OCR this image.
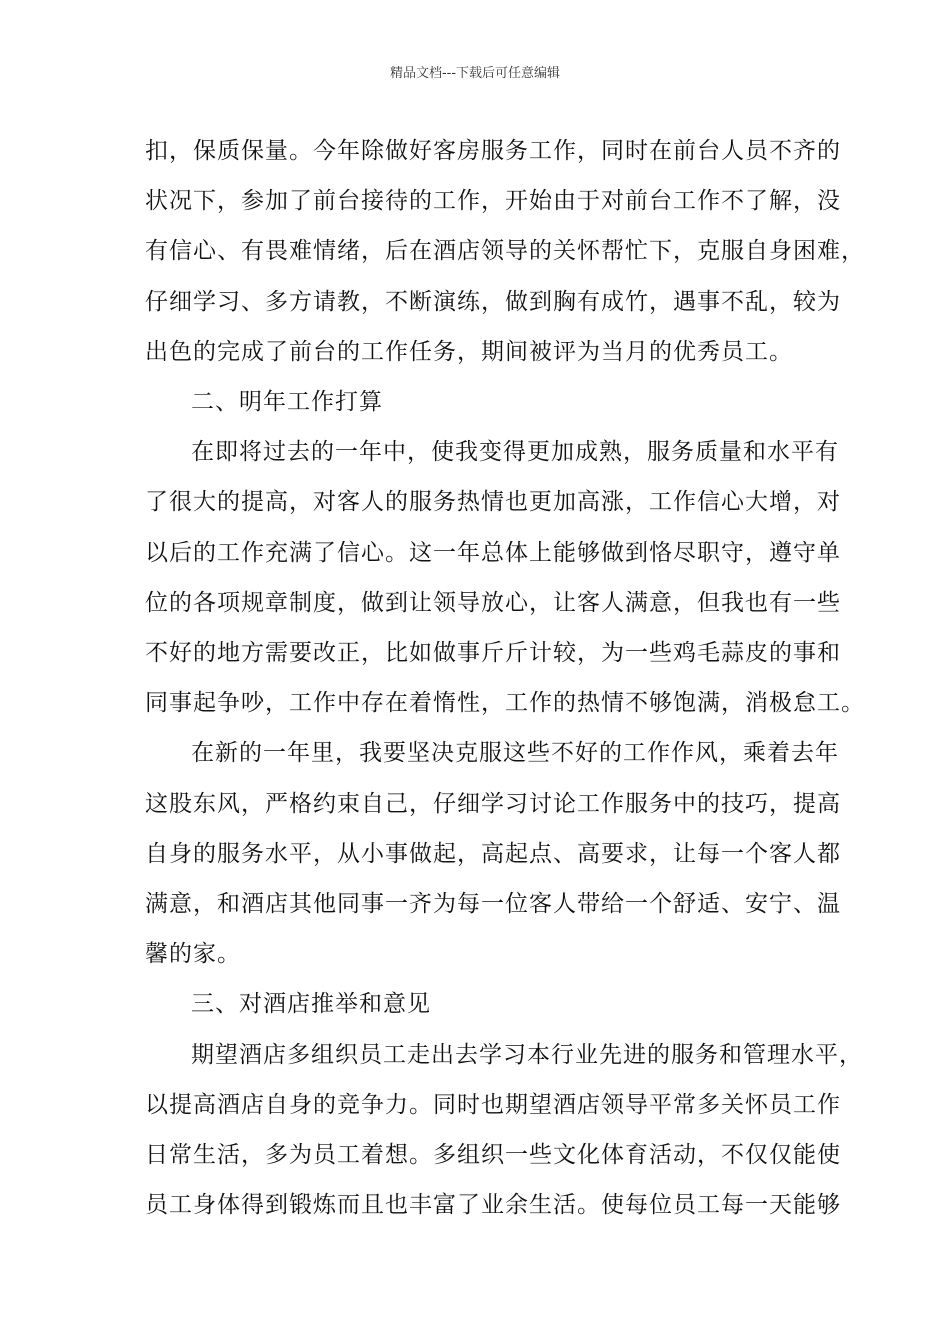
精品文档---下载后可任意编辑
扣，保质保量。今年除做好客房服务工作，同时在前台人员不齐的
状况下，参加了前台接待的工作，开始由于对前台工作不了解，没
有信心、有畏难情绪，后在酒店领导的关怀帮忙下，克服自身困难，
仔细学习、多方请教，不断演练，做到胸有成竹，遇事不乱，较为
出色的完成了前台的工作任务，期间被评为当月的优秀员工。
二、明年工作打算
在即将过去的一年中，使我变得更加成熟，服务质量和水平有
了很大的提高，对客人的服务热情也更加高涨，工作信心大增，对
以后的工作充满了信心。这一年总体上能够做到恪尽职守，遵守单
位的各项规章制度，做到让领导放心，让客人满意，但我也有一些
不好的地方需要改正，比如做事斤斤计较，为一些鸡毛蒜皮的事和
同事起争吵，工作中存在着惰性，工作的热情不够饱满，消极怠工。
在新的一年里，我要坚决克服这些不好的工作作风，乘着去年
这股东风，严格约束自己，仔细学习讨论工作服务中的技巧，提高
自身的服务水平，从小事做起，高起点、高要求，让每一个客人都
满意，和酒店其他同事一齐为每一位客人带给一个舒适、安宁、温
馨的家。
三、对酒店推举和意见
期望酒店多组织员工走出去学习本行业先进的服务和管理水平，
以提高酒店自身的竞争力。同时也期望酒店领导平常多关怀员工作
日常生活，多为员工着想。多组织一些文化体育活动，不仅仅能使
员工身体得到锻炼而且也丰富了业余生活。使每位员工每一天能够
